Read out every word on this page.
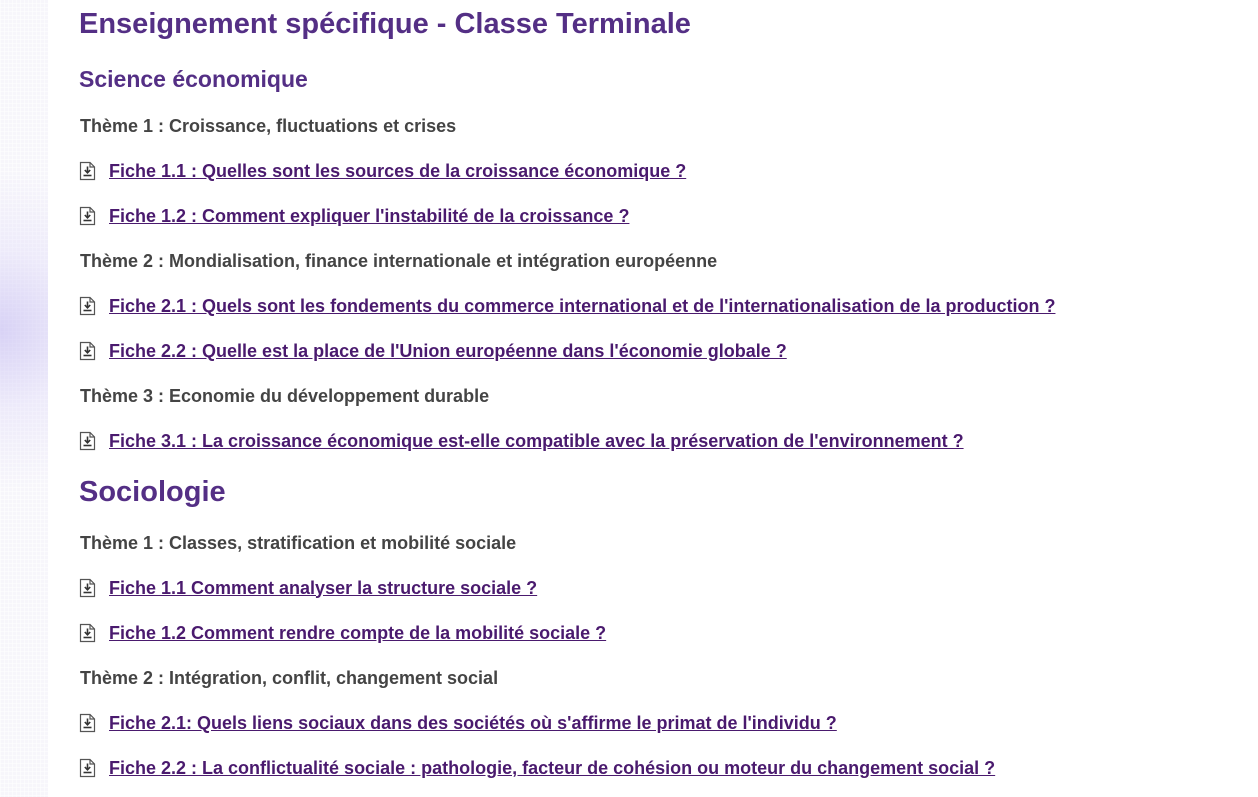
Enseignement spécifique - Classe Terminale
Science économique
Thème 1 : Croissance, fluctuations et crises
Fiche 1.1 : Quelles sont les sources de la croissance économique ?
Fiche 1.2 : Comment expliquer l'instabilité de la croissance ?
Thème 2 : Mondialisation, finance internationale et intégration européenne
Fiche 2.1 : Quels sont les fondements du commerce international et de l'internationalisation de la production ?
Fiche 2.2 : Quelle est la place de l'Union européenne dans l'économie globale ?
Thème 3 : Economie du développement durable
Fiche 3.1 : La croissance économique est-elle compatible avec la préservation de l'environnement ?
Sociologie
Thème 1 : Classes, stratification et mobilité sociale
Fiche 1.1 Comment analyser la structure sociale ?
Fiche 1.2 Comment rendre compte de la mobilité sociale ?
Thème 2 : Intégration, conflit, changement social
Fiche 2.1: Quels liens sociaux dans des sociétés où s'affirme le primat de l'individu ?
Fiche 2.2 : La conflictualité sociale : pathologie, facteur de cohésion ou moteur du changement social ?
